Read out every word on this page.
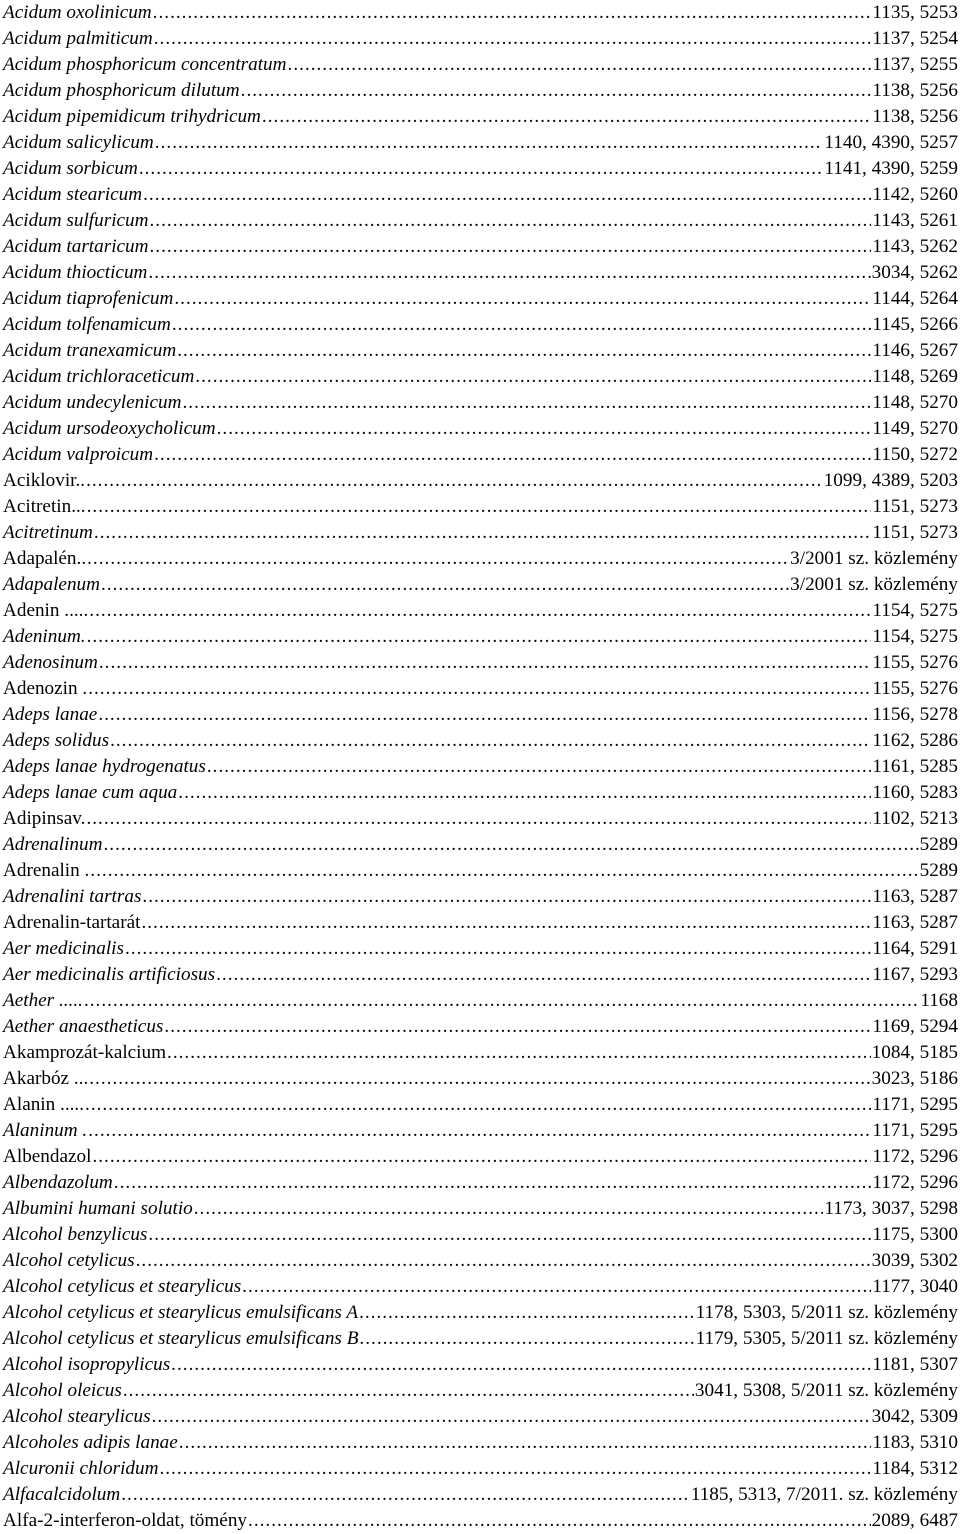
Acidum oxolinicum .....	1135, 5253
Acidum palmiticum .....	1137, 5254
Acidum phosphoricum concentratum .....	1137, 5255
Acidum phosphoricum dilutum .....	1138, 5256
Acidum pipemidicum trihydricum .....	1138, 5256
Acidum salicylicum .....	1140, 4390, 5257
Acidum sorbicum .....	1141, 4390, 5259
Acidum stearicum .....	1142, 5260
Acidum sulfuricum .....	1143, 5261
Acidum tartaricum .....	1143, 5262
Acidum thiocticum .....	3034, 5262
Acidum tiaprofenicum .....	1144, 5264
Acidum tolfenamicum .....	1145, 5266
Acidum tranexamicum .....	1146, 5267
Acidum trichloraceticum .....	1148, 5269
Acidum undecylenicum .....	1148, 5270
Acidum ursodeoxycholicum .....	1149, 5270
Acidum valproicum .....	1150, 5272
Aciklovir.. .....	1099, 4389, 5203
Acitretin... .....	1151, 5273
Acitretinum .....	1151, 5273
Adapalén.. .....	3/2001 sz. közlemény
Adapalenum .....	3/2001 sz. közlemény
Adenin ..... .....	1154, 5275
Adeninum. .....	1154, 5275
Adenosinum .....	1155, 5276
Adenozin . .....	1155, 5276
Adeps lanae .....	1156, 5278
Adeps solidus .....	1162, 5286
Adeps lanae hydrogenatus .....	1161, 5285
Adeps lanae cum aqua .....	1160, 5283
Adipinsav. .....	1102, 5213
Adrenalinum .....	5289
Adrenalin . .....	5289
Adrenalini tartras .....	1163, 5287
Adrenalin-tartarát .....	1163, 5287
Aer medicinalis .....	1164, 5291
Aer medicinalis artificiosus .....	1167, 5293
Aether ..... .....	1168
Aether anaestheticus .....	1169, 5294
Akamprozát-kalcium .....	1084, 5185
Akarbóz ... .....	3023, 5186
Alanin ..... .....	1171, 5295
Alaninum . .....	1171, 5295
Albendazol .....	1172, 5296
Albendazolum .....	1172, 5296
Albumini humani solutio .....	1173, 3037, 5298
Alcohol benzylicus .....	1175, 5300
Alcohol cetylicus .....	3039, 5302
Alcohol cetylicus et stearylicus .....	1177, 3040
Alcohol cetylicus et stearylicus emulsificans A .....	1178, 5303, 5/2011 sz. közlemény
Alcohol cetylicus et stearylicus emulsificans B .....	1179, 5305, 5/2011 sz. közlemény
Alcohol isopropylicus .....	1181, 5307
Alcohol oleicus .....	3041, 5308, 5/2011 sz. közlemény
Alcohol stearylicus .....	3042, 5309
Alcoholes adipis lanae .....	1183, 5310
Alcuronii chloridum .....	1184, 5312
Alfacalcidolum .....	1185, 5313, 7/2011. sz. közlemény
Alfa-2-interferon-oldat, tömény .....	2089, 6487
